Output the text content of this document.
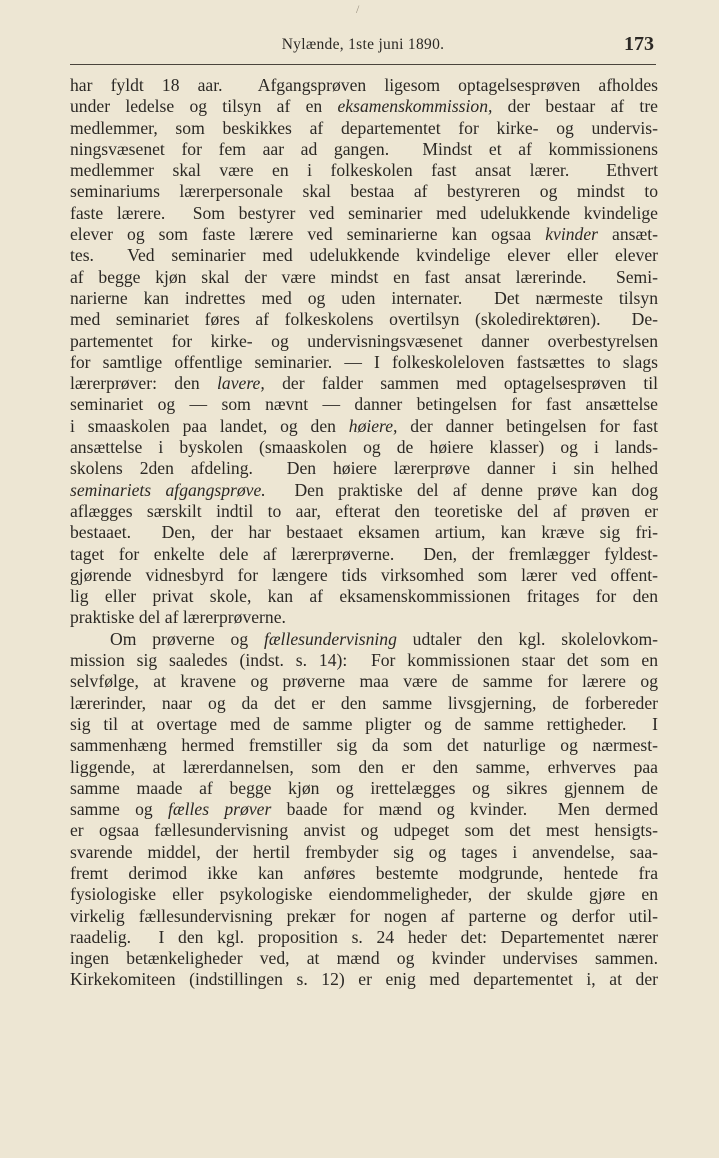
/
Nylænde, 1ste juni 1890.	173
har fyldt 18 aar.  Afgangsprøven ligesom optagelsesprøven afholdes
under ledelse og tilsyn af en eksamenskommission, der bestaar af tre
medlemmer, som beskikkes af departementet for kirke- og undervis-
ningsvæsenet for fem aar ad gangen.  Mindst et af kommissionens
medlemmer skal være en i folkeskolen fast ansat lærer.  Ethvert
seminariums lærerpersonale skal bestaa af bestyreren og mindst to
faste lærere.  Som bestyrer ved seminarier med udelukkende kvindelige
elever og som faste lærere ved seminarierne kan ogsaa kvinder ansæt-
tes.  Ved seminarier med udelukkende kvindelige elever eller elever
af begge kjøn skal der være mindst en fast ansat lærerinde.  Semi-
narierne kan indrettes med og uden internater.  Det nærmeste tilsyn
med seminariet føres af folkeskolens overtilsyn (skoledirektøren).  De-
partementet for kirke- og undervisningsvæsenet danner overbestyrelsen
for samtlige offentlige seminarier. — I folkeskoleloven fastsættes to slags
lærerprøver: den lavere, der falder sammen med optagelsesprøven til
seminariet og — som nævnt — danner betingelsen for fast ansættelse
i smaaskolen paa landet, og den høiere, der danner betingelsen for fast
ansættelse i byskolen (smaaskolen og de høiere klasser) og i lands-
skolens 2den afdeling.  Den høiere lærerprøve danner i sin helhed
seminariets afgangsprøve.  Den praktiske del af denne prøve kan dog
aflægges særskilt indtil to aar, efterat den teoretiske del af prøven er
bestaaet.  Den, der har bestaaet eksamen artium, kan kræve sig fri-
taget for enkelte dele af lærerprøverne.  Den, der fremlægger fyldest-
gjørende vidnesbyrd for længere tids virksomhed som lærer ved offent-
lig eller privat skole, kan af eksamenskommissionen fritages for den
praktiske del af lærerprøverne.
Om prøverne og fællesundervisning udtaler den kgl. skolelovkom-
mission sig saaledes (indst. s. 14):  For kommissionen staar det som en
selvfølge, at kravene og prøverne maa være de samme for lærere og
lærerinder, naar og da det er den samme livsgjerning, de forbereder
sig til at overtage med de samme pligter og de samme rettigheder.  I
sammenhæng hermed fremstiller sig da som det naturlige og nærmest-
liggende, at lærerdannelsen, som den er den samme, erhverves paa
samme maade af begge kjøn og irettelægges og sikres gjennem de
samme og fælles prøver baade for mænd og kvinder.  Men dermed
er ogsaa fællesundervisning anvist og udpeget som det mest hensigts-
svarende middel, der hertil frembyder sig og tages i anvendelse, saa-
fremt derimod ikke kan anføres bestemte modgrunde, hentede fra
fysiologiske eller psykologiske eiendommeligheder, der skulde gjøre en
virkelig fællesundervisning prekær for nogen af parterne og derfor util-
raadelig.  I den kgl. proposition s. 24 heder det: Departementet nærer
ingen betænkeligheder ved, at mænd og kvinder undervises sammen.
Kirkekomiteen (indstillingen s. 12) er enig med departementet i, at der
